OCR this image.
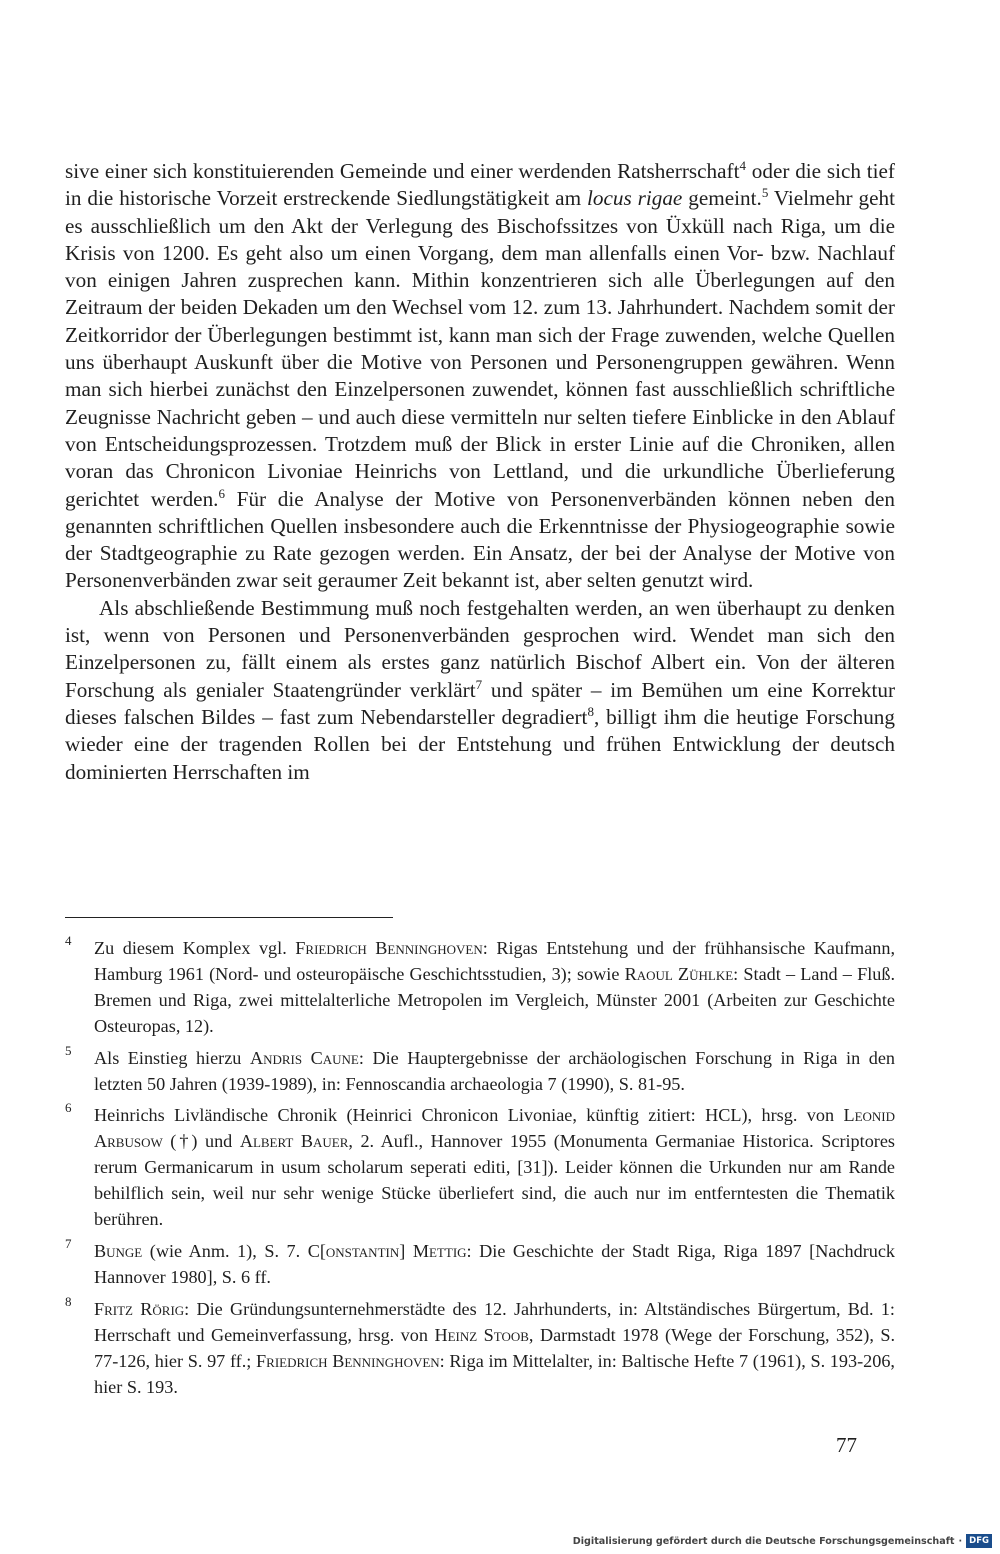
sive einer sich konstituierenden Gemeinde und einer werdenden Ratsherrschaft$^4$ oder die sich tief in die historische Vorzeit erstreckende Siedlungstätigkeit am locus rigae gemeint.$^5$ Vielmehr geht es ausschließlich um den Akt der Verlegung des Bischofssitzes von Üxküll nach Riga, um die Krisis von 1200. Es geht also um einen Vorgang, dem man allenfalls einen Vor- bzw. Nachlauf von einigen Jahren zusprechen kann. Mithin konzentrieren sich alle Überlegungen auf den Zeitraum der beiden Dekaden um den Wechsel vom 12. zum 13. Jahrhundert. Nachdem somit der Zeitkorridor der Überlegungen bestimmt ist, kann man sich der Frage zuwenden, welche Quellen uns überhaupt Auskunft über die Motive von Personen und Personengruppen gewähren. Wenn man sich hierbei zunächst den Einzelpersonen zuwendet, können fast ausschließlich schriftliche Zeugnisse Nachricht geben – und auch diese vermitteln nur selten tiefere Einblicke in den Ablauf von Entscheidungsprozessen. Trotzdem muß der Blick in erster Linie auf die Chroniken, allen voran das Chronicon Livoniae Heinrichs von Lettland, und die urkundliche Überlieferung gerichtet werden.$^6$ Für die Analyse der Motive von Personenverbänden können neben den genannten schriftlichen Quellen insbesondere auch die Erkenntnisse der Physiogeographie sowie der Stadtgeographie zu Rate gezogen werden. Ein Ansatz, der bei der Analyse der Motive von Personenverbänden zwar seit geraumer Zeit bekannt ist, aber selten genutzt wird.

Als abschließende Bestimmung muß noch festgehalten werden, an wen überhaupt zu denken ist, wenn von Personen und Personenverbänden gesprochen wird. Wendet man sich den Einzelpersonen zu, fällt einem als erstes ganz natürlich Bischof Albert ein. Von der älteren Forschung als genialer Staatengründer verklärt$^7$ und später – im Bemühen um eine Korrektur dieses falschen Bildes – fast zum Nebendarsteller degradiert$^8$, billigt ihm die heutige Forschung wieder eine der tragenden Rollen bei der Entstehung und frühen Entwicklung der deutsch dominierten Herrschaften im

4 Zu diesem Komplex vgl. Friedrich Benninghoven: Rigas Entstehung und der frühhansische Kaufmann, Hamburg 1961 (Nord- und osteuropäische Geschichtsstudien, 3); sowie Raoul Zühlke: Stadt – Land – Fluß. Bremen und Riga, zwei mittelalterliche Metropolen im Vergleich, Münster 2001 (Arbeiten zur Geschichte Osteuropas, 12).
5 Als Einstieg hierzu Andris Caune: Die Hauptergebnisse der archäologischen Forschung in Riga in den letzten 50 Jahren (1939-1989), in: Fennoscandia archaeologia 7 (1990), S. 81-95.
6 Heinrichs Livländische Chronik (Heinrici Chronicon Livoniae, künftig zitiert: HCL), hrsg. von Leonid Arbusow (†) und Albert Bauer, 2. Aufl., Hannover 1955 (Monumenta Germaniae Historica. Scriptores rerum Germanicarum in usum scholarum seperati editi, [31]). Leider können die Urkunden nur am Rande behilflich sein, weil nur sehr wenige Stücke überliefert sind, die auch nur im entferntesten die Thematik berühren.
7 Bunge (wie Anm. 1), S. 7. C[onstantin] Mettig: Die Geschichte der Stadt Riga, Riga 1897 [Nachdruck Hannover 1980], S. 6 ff.
8 Fritz Rörig: Die Gründungsunternehmerstädte des 12. Jahrhunderts, in: Altständisches Bürgertum, Bd. 1: Herrschaft und Gemeinverfassung, hrsg. von Heinz Stoob, Darmstadt 1978 (Wege der Forschung, 352), S. 77-126, hier S. 97 ff.; Friedrich Benninghoven: Riga im Mittelalter, in: Baltische Hefte 7 (1961), S. 193-206, hier S. 193.
77
Digitalisierung gefördert durch die Deutsche Forschungsgemeinschaft · DFG
